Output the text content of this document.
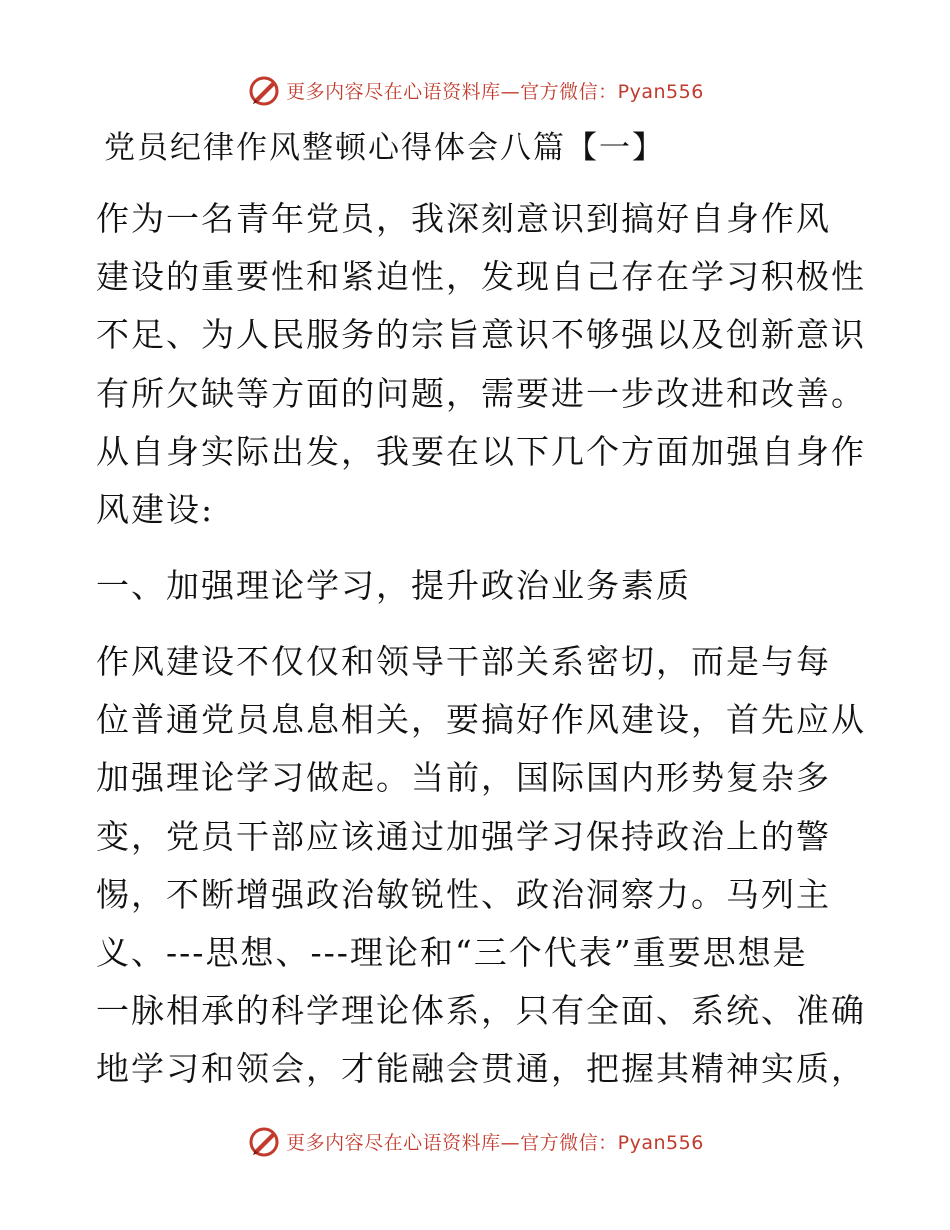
更多内容尽在心语资料库—官方微信：Pyan556
党员纪律作风整顿心得体会八篇【一】
作为一名青年党员，我深刻意识到搞好自身作风
建设的重要性和紧迫性，发现自己存在学习积极性
不足、为人民服务的宗旨意识不够强以及创新意识
有所欠缺等方面的问题，需要进一步改进和改善。
从自身实际出发，我要在以下几个方面加强自身作
风建设:
一、加强理论学习，提升政治业务素质
作风建设不仅仅和领导干部关系密切，而是与每
位普通党员息息相关，要搞好作风建设，首先应从
加强理论学习做起。当前，国际国内形势复杂多
变，党员干部应该通过加强学习保持政治上的警
惕，不断增强政治敏锐性、政治洞察力。马列主
义、---思想、---理论和“三个代表”重要思想是
一脉相承的科学理论体系，只有全面、系统、准确
地学习和领会，才能融会贯通，把握其精神实质，
更多内容尽在心语资料库—官方微信：Pyan556
